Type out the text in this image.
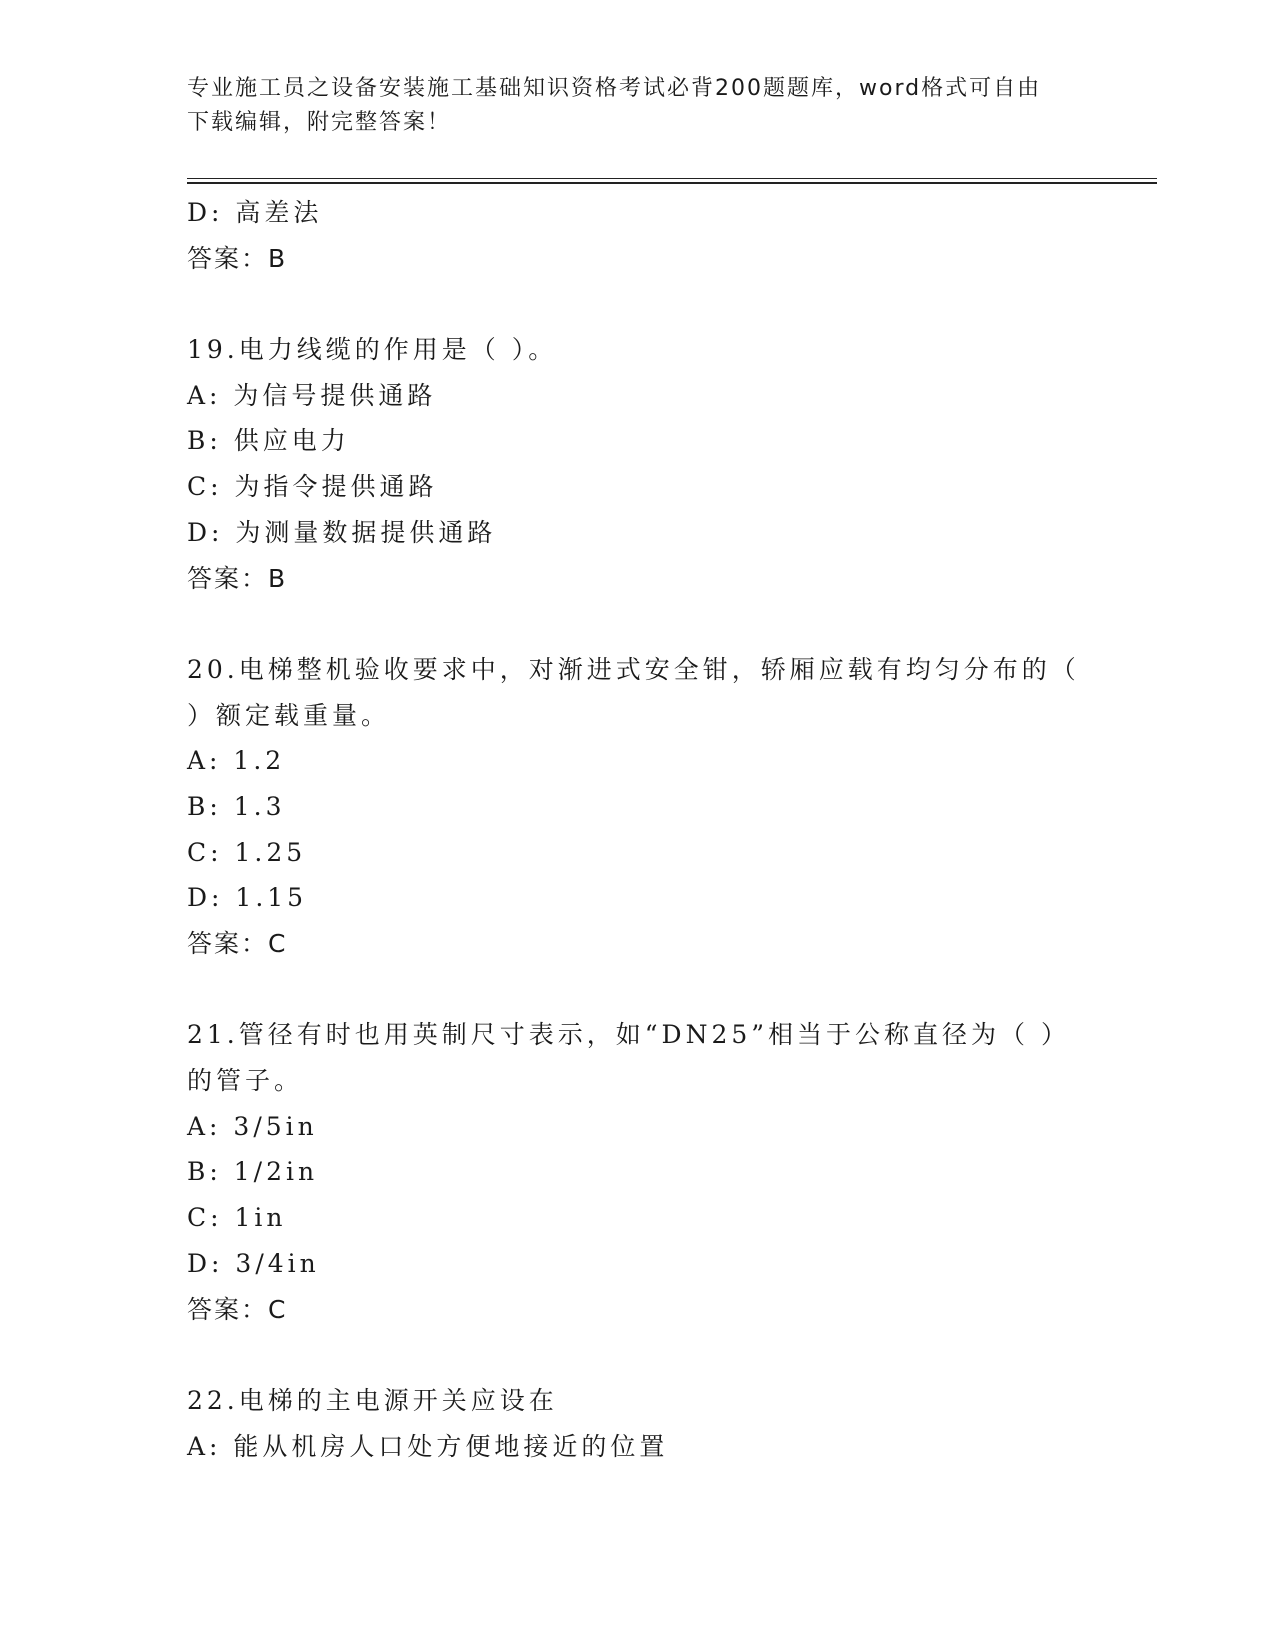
专业施工员之设备安装施工基础知识资格考试必背200题题库，word格式可自由
下载编辑，附完整答案！
D: 高差法
答案：B
19.电力线缆的作用是（ ）。
A: 为信号提供通路
B: 供应电力
C: 为指令提供通路
D: 为测量数据提供通路
答案：B
20.电梯整机验收要求中，对渐进式安全钳，轿厢应载有均匀分布的（
）额定载重量。
A: 1.2
B: 1.3
C: 1.25
D: 1.15
答案：C
21.管径有时也用英制尺寸表示，如“DN25”相当于公称直径为（ ）
的管子。
A: 3/5in
B: 1/2in
C: 1in
D: 3/4in
答案：C
22.电梯的主电源开关应设在
A: 能从机房人口处方便地接近的位置
